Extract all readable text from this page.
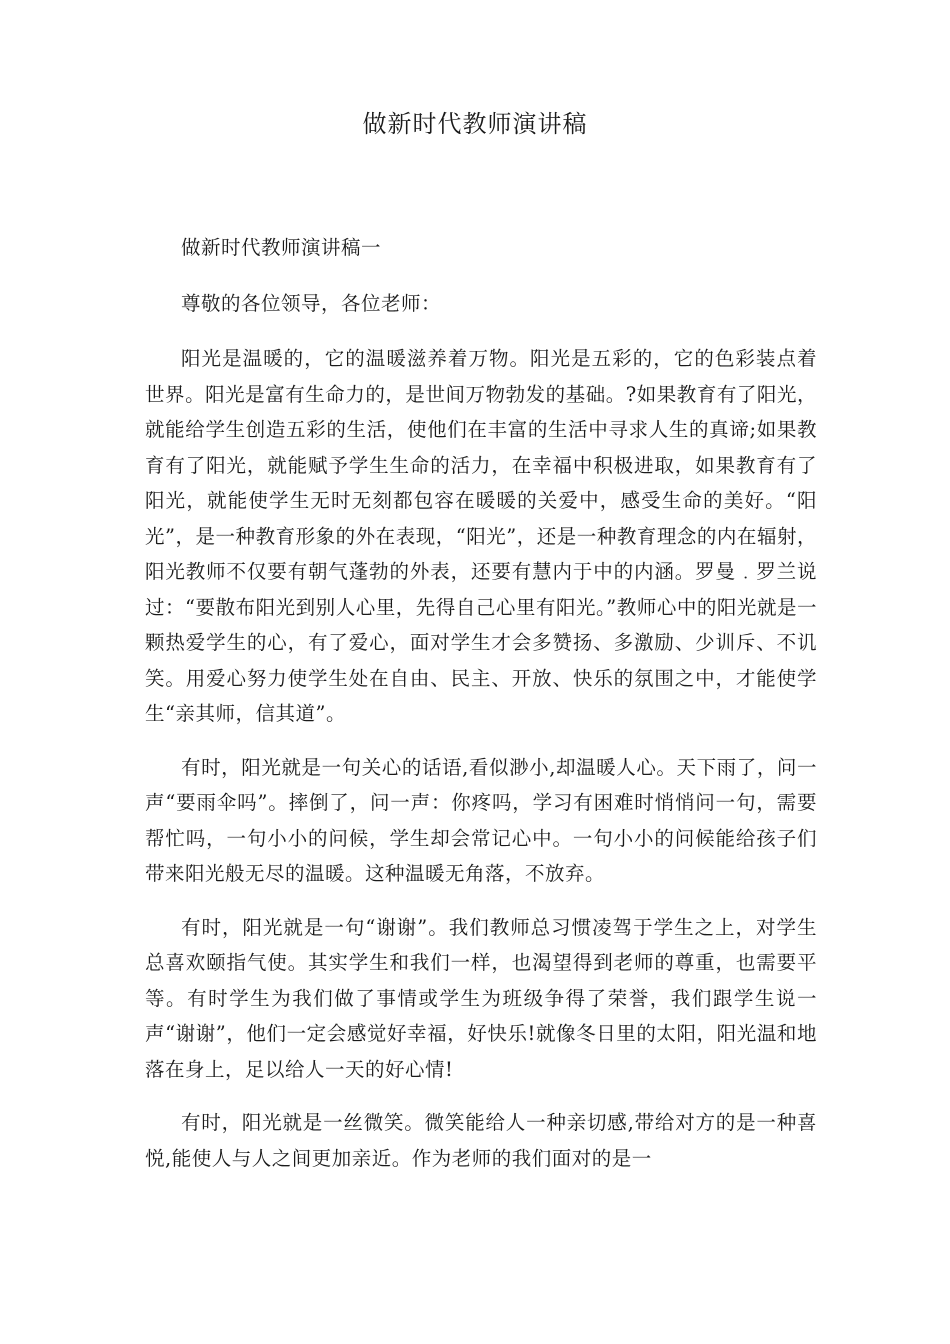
做新时代教师演讲稿

做新时代教师演讲稿一

尊敬的各位领导，各位老师：

阳光是温暖的，它的温暖滋养着万物。阳光是五彩的，它的色彩装点着世界。阳光是富有生命力的，是世间万物勃发的基础。?如果教育有了阳光，就能给学生创造五彩的生活，使他们在丰富的生活中寻求人生的真谛;如果教育有了阳光，就能赋予学生生命的活力，在幸福中积极进取，如果教育有了阳光，就能使学生无时无刻都包容在暖暖的关爱中，感受生命的美好。“阳光”，是一种教育形象的外在表现，“阳光”，还是一种教育理念的内在辐射，阳光教师不仅要有朝气蓬勃的外表，还要有慧内于中的内涵。罗曼﹒罗兰说过：“要散布阳光到别人心里，先得自己心里有阳光。”教师心中的阳光就是一颗热爱学生的心，有了爱心，面对学生才会多赞扬、多激励、少训斥、不讥笑。用爱心努力使学生处在自由、民主、开放、快乐的氛围之中，才能使学生“亲其师，信其道”。

有时，阳光就是一句关心的话语,看似渺小,却温暖人心。天下雨了，问一声“要雨伞吗”。摔倒了，问一声：你疼吗，学习有困难时悄悄问一句，需要帮忙吗，一句小小的问候，学生却会常记心中。一句小小的问候能给孩子们带来阳光般无尽的温暖。这种温暖无角落，不放弃。

有时，阳光就是一句“谢谢”。我们教师总习惯凌驾于学生之上，对学生总喜欢颐指气使。其实学生和我们一样，也渴望得到老师的尊重，也需要平等。有时学生为我们做了事情或学生为班级争得了荣誉，我们跟学生说一声“谢谢”，他们一定会感觉好幸福，好快乐!就像冬日里的太阳，阳光温和地落在身上，足以给人一天的好心情!

有时，阳光就是一丝微笑。微笑能给人一种亲切感,带给对方的是一种喜悦,能使人与人之间更加亲近。作为老师的我们面对的是一
